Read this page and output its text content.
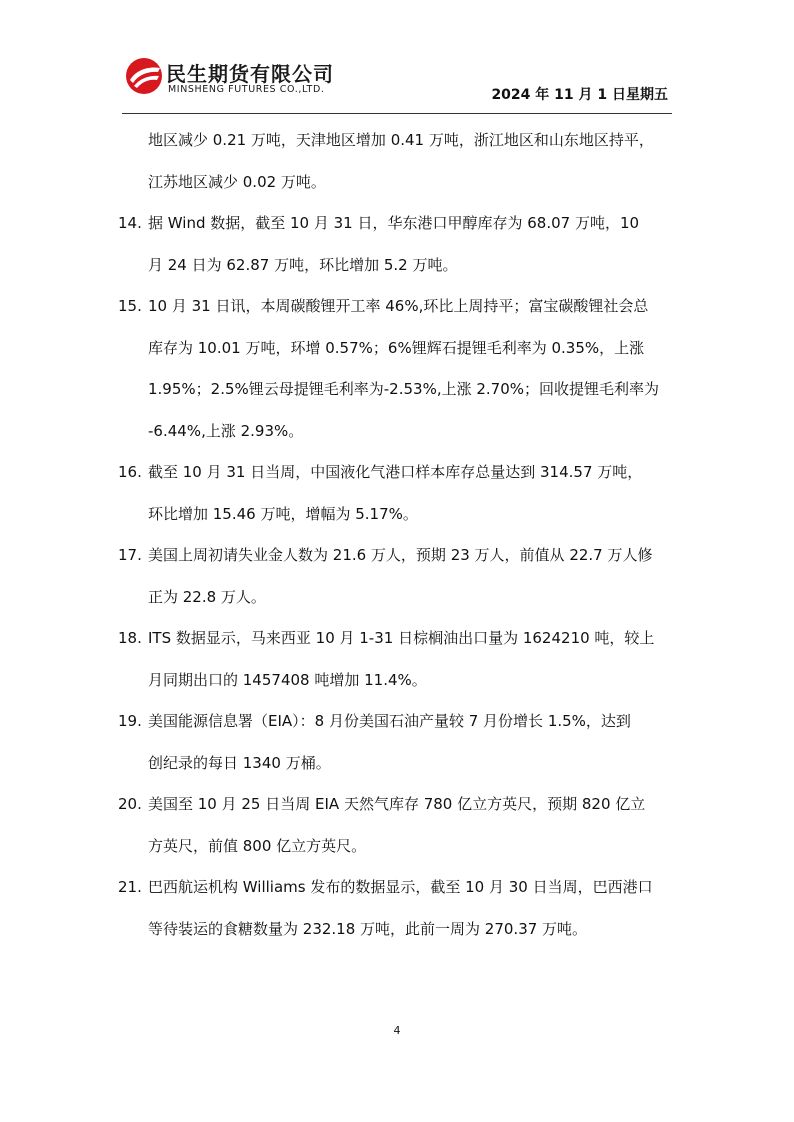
民生期货有限公司
MINSHENG FUTURES CO.,LTD.	2024 年 11 月 1 日星期五
地区减少 0.21 万吨，天津地区增加 0.41 万吨，浙江地区和山东地区持平，
江苏地区减少 0.02 万吨。
14. 据 Wind 数据，截至 10 月 31 日，华东港口甲醇库存为 68.07 万吨，10
月 24 日为 62.87 万吨，环比增加 5.2 万吨。
15. 10 月 31 日讯，本周碳酸锂开工率 46%,环比上周持平；富宝碳酸锂社会总
库存为 10.01 万吨，环增 0.57%；6%锂辉石提锂毛利率为 0.35%，上涨
1.95%；2.5%锂云母提锂毛利率为-2.53%,上涨 2.70%；回收提锂毛利率为
-6.44%,上涨 2.93%。
16. 截至 10 月 31 日当周，中国液化气港口样本库存总量达到 314.57 万吨，
环比增加 15.46 万吨，增幅为 5.17%。
17. 美国上周初请失业金人数为 21.6 万人，预期 23 万人，前值从 22.7 万人修
正为 22.8 万人。
18. ITS 数据显示，马来西亚 10 月 1-31 日棕榈油出口量为 1624210 吨，较上
月同期出口的 1457408 吨增加 11.4%。
19. 美国能源信息署（EIA）：8 月份美国石油产量较 7 月份增长 1.5%，达到
创纪录的每日 1340 万桶。
20. 美国至 10 月 25 日当周 EIA 天然气库存 780 亿立方英尺，预期 820 亿立
方英尺，前值 800 亿立方英尺。
21. 巴西航运机构 Williams 发布的数据显示，截至 10 月 30 日当周，巴西港口
等待装运的食糖数量为 232.18 万吨，此前一周为 270.37 万吨。
4
